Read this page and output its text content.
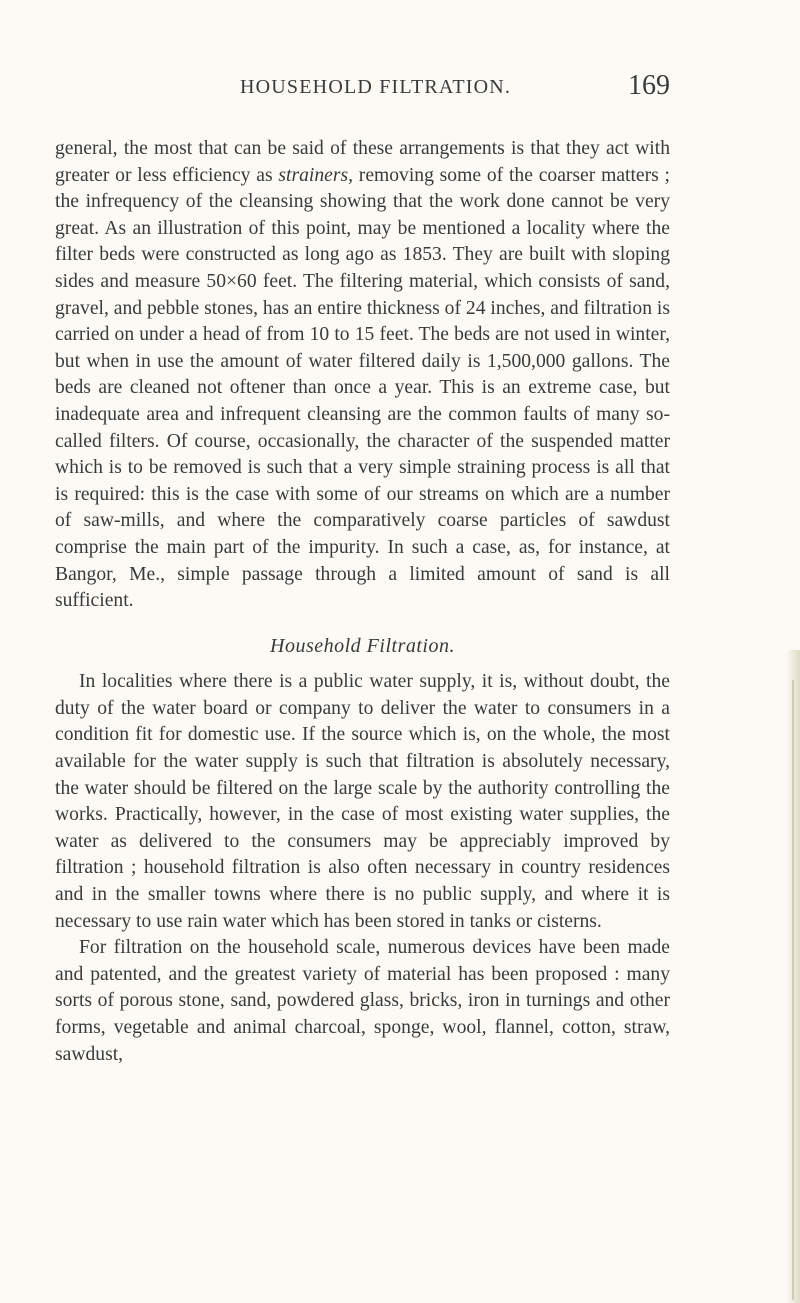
HOUSEHOLD FILTRATION.	169

general, the most that can be said of these arrangements is that they act with greater or less efficiency as strainers, removing some of the coarser matters ; the infrequency of the cleansing showing that the work done cannot be very great. As an illustration of this point, may be mentioned a locality where the filter beds were constructed as long ago as 1853. They are built with sloping sides and measure 50×60 feet. The filtering material, which consists of sand, gravel, and pebble stones, has an entire thickness of 24 inches, and filtration is carried on under a head of from 10 to 15 feet. The beds are not used in winter, but when in use the amount of water filtered daily is 1,500,000 gallons. The beds are cleaned not oftener than once a year. This is an extreme case, but inadequate area and infrequent cleansing are the common faults of many so-called filters. Of course, occasionally, the character of the suspended matter which is to be removed is such that a very simple straining process is all that is required: this is the case with some of our streams on which are a number of saw-mills, and where the comparatively coarse particles of sawdust comprise the main part of the impurity. In such a case, as, for instance, at Bangor, Me., simple passage through a limited amount of sand is all sufficient.

Household Filtration.

In localities where there is a public water supply, it is, without doubt, the duty of the water board or company to deliver the water to consumers in a condition fit for domestic use. If the source which is, on the whole, the most available for the water supply is such that filtration is absolutely necessary, the water should be filtered on the large scale by the authority controlling the works. Practically, however, in the case of most existing water supplies, the water as delivered to the consumers may be appreciably improved by filtration ; household filtration is also often necessary in country residences and in the smaller towns where there is no public supply, and where it is necessary to use rain water which has been stored in tanks or cisterns.

For filtration on the household scale, numerous devices have been made and patented, and the greatest variety of material has been proposed : many sorts of porous stone, sand, powdered glass, bricks, iron in turnings and other forms, vegetable and animal charcoal, sponge, wool, flannel, cotton, straw, sawdust,
